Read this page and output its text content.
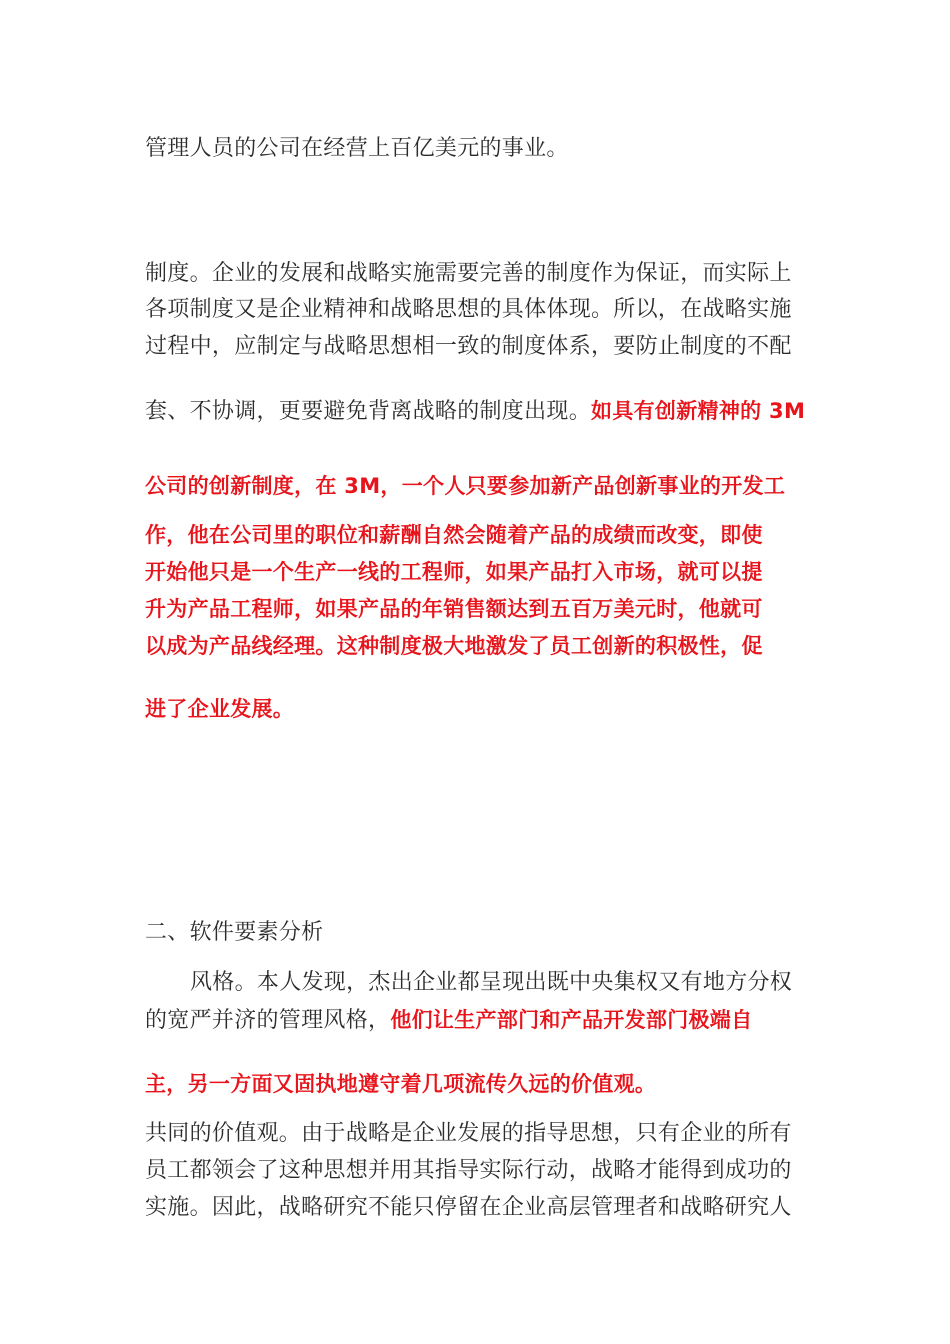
管理人员的公司在经营上百亿美元的事业。
制度。企业的发展和战略实施需要完善的制度作为保证，而实际上
各项制度又是企业精神和战略思想的具体体现。所以，在战略实施
过程中，应制定与战略思想相一致的制度体系，要防止制度的不配
套、不协调，更要避免背离战略的制度出现。如具有创新精神的 3M
公司的创新制度，在 3M，一个人只要参加新产品创新事业的开发工
作，他在公司里的职位和薪酬自然会随着产品的成绩而改变，即使
开始他只是一个生产一线的工程师，如果产品打入市场，就可以提
升为产品工程师，如果产品的年销售额达到五百万美元时，他就可
以成为产品线经理。这种制度极大地激发了员工创新的积极性，促
进了企业发展。
二、软件要素分析
风格。本人发现，杰出企业都呈现出既中央集权又有地方分权
的宽严并济的管理风格，他们让生产部门和产品开发部门极端自
主，另一方面又固执地遵守着几项流传久远的价值观。
共同的价值观。由于战略是企业发展的指导思想，只有企业的所有
员工都领会了这种思想并用其指导实际行动，战略才能得到成功的
实施。因此，战略研究不能只停留在企业高层管理者和战略研究人
